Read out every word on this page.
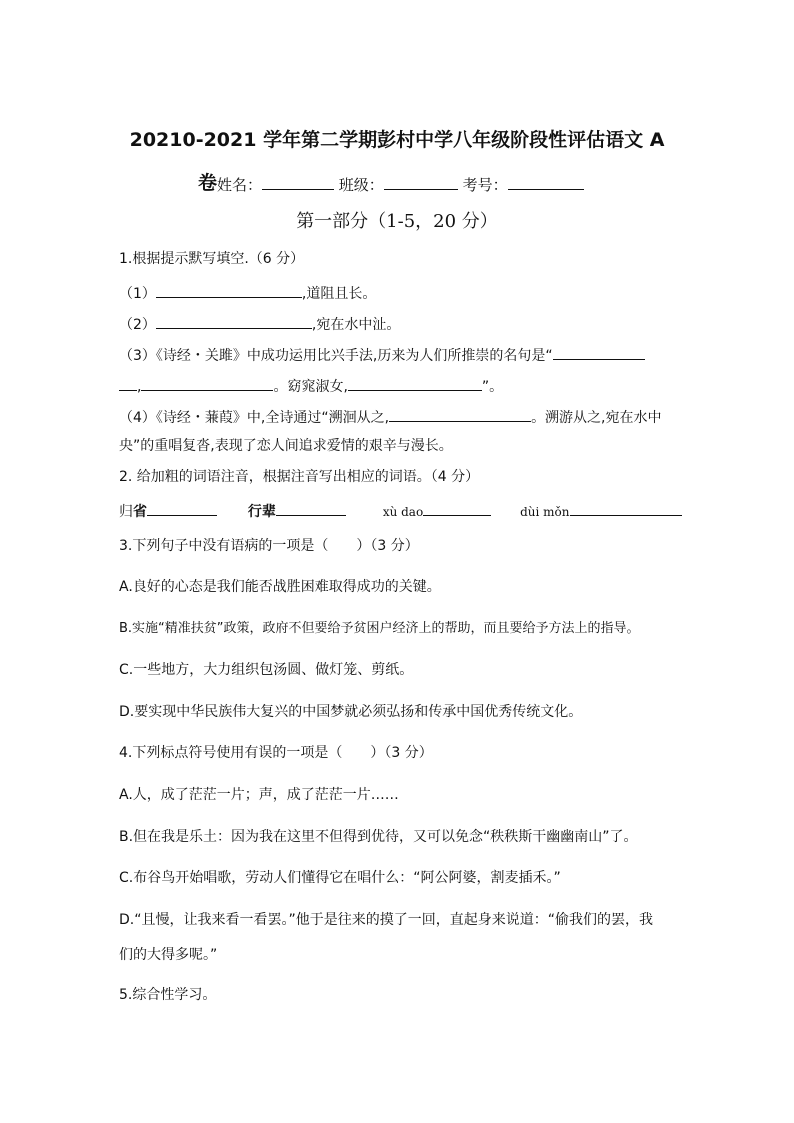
20210-2021 学年第二学期彭村中学八年级阶段性评估语文 A
卷 姓名：	班级：	考号：
第一部分（1-5，20 分）
1.根据提示默写填空.（6 分）
（1）	,道阻且长。
（2）	,宛在水中沚。
（3）《诗经・关雎》中成功运用比兴手法,历来为人们所推崇的名句是“
,	。窈窕淑女,	”。
（4）《诗经・蒹葭》中,全诗通过“溯洄从之,	。溯游从之,宛在水中
央”的重唱复沓,表现了恋人间追求爱情的艰辛与漫长。
2. 给加粗的词语注音，根据注音写出相应的词语。（4 分）
归省	行辈	xù dao	dùi mǒn
3.下列句子中没有语病的一项是（　　）（3 分）
A.良好的心态是我们能否战胜困难取得成功的关键。
B.实施“精准扶贫”政策，政府不但要给予贫困户经济上的帮助，而且要给予方法上的指导。
C.一些地方，大力组织包汤圆、做灯笼、剪纸。
D.要实现中华民族伟大复兴的中国梦就必须弘扬和传承中国优秀传统文化。
4.下列标点符号使用有误的一项是（　　）（3 分）
A.人，成了茫茫一片；声，成了茫茫一片……
B.但在我是乐土：因为我在这里不但得到优待，又可以免念“秩秩斯干幽幽南山”了。
C.布谷鸟开始唱歌，劳动人们懂得它在唱什么：“阿公阿婆，割麦插禾。”
D.“且慢，让我来看一看罢。”他于是往来的摸了一回，直起身来说道：“偷我们的罢，我
们的大得多呢。”
5.综合性学习。
